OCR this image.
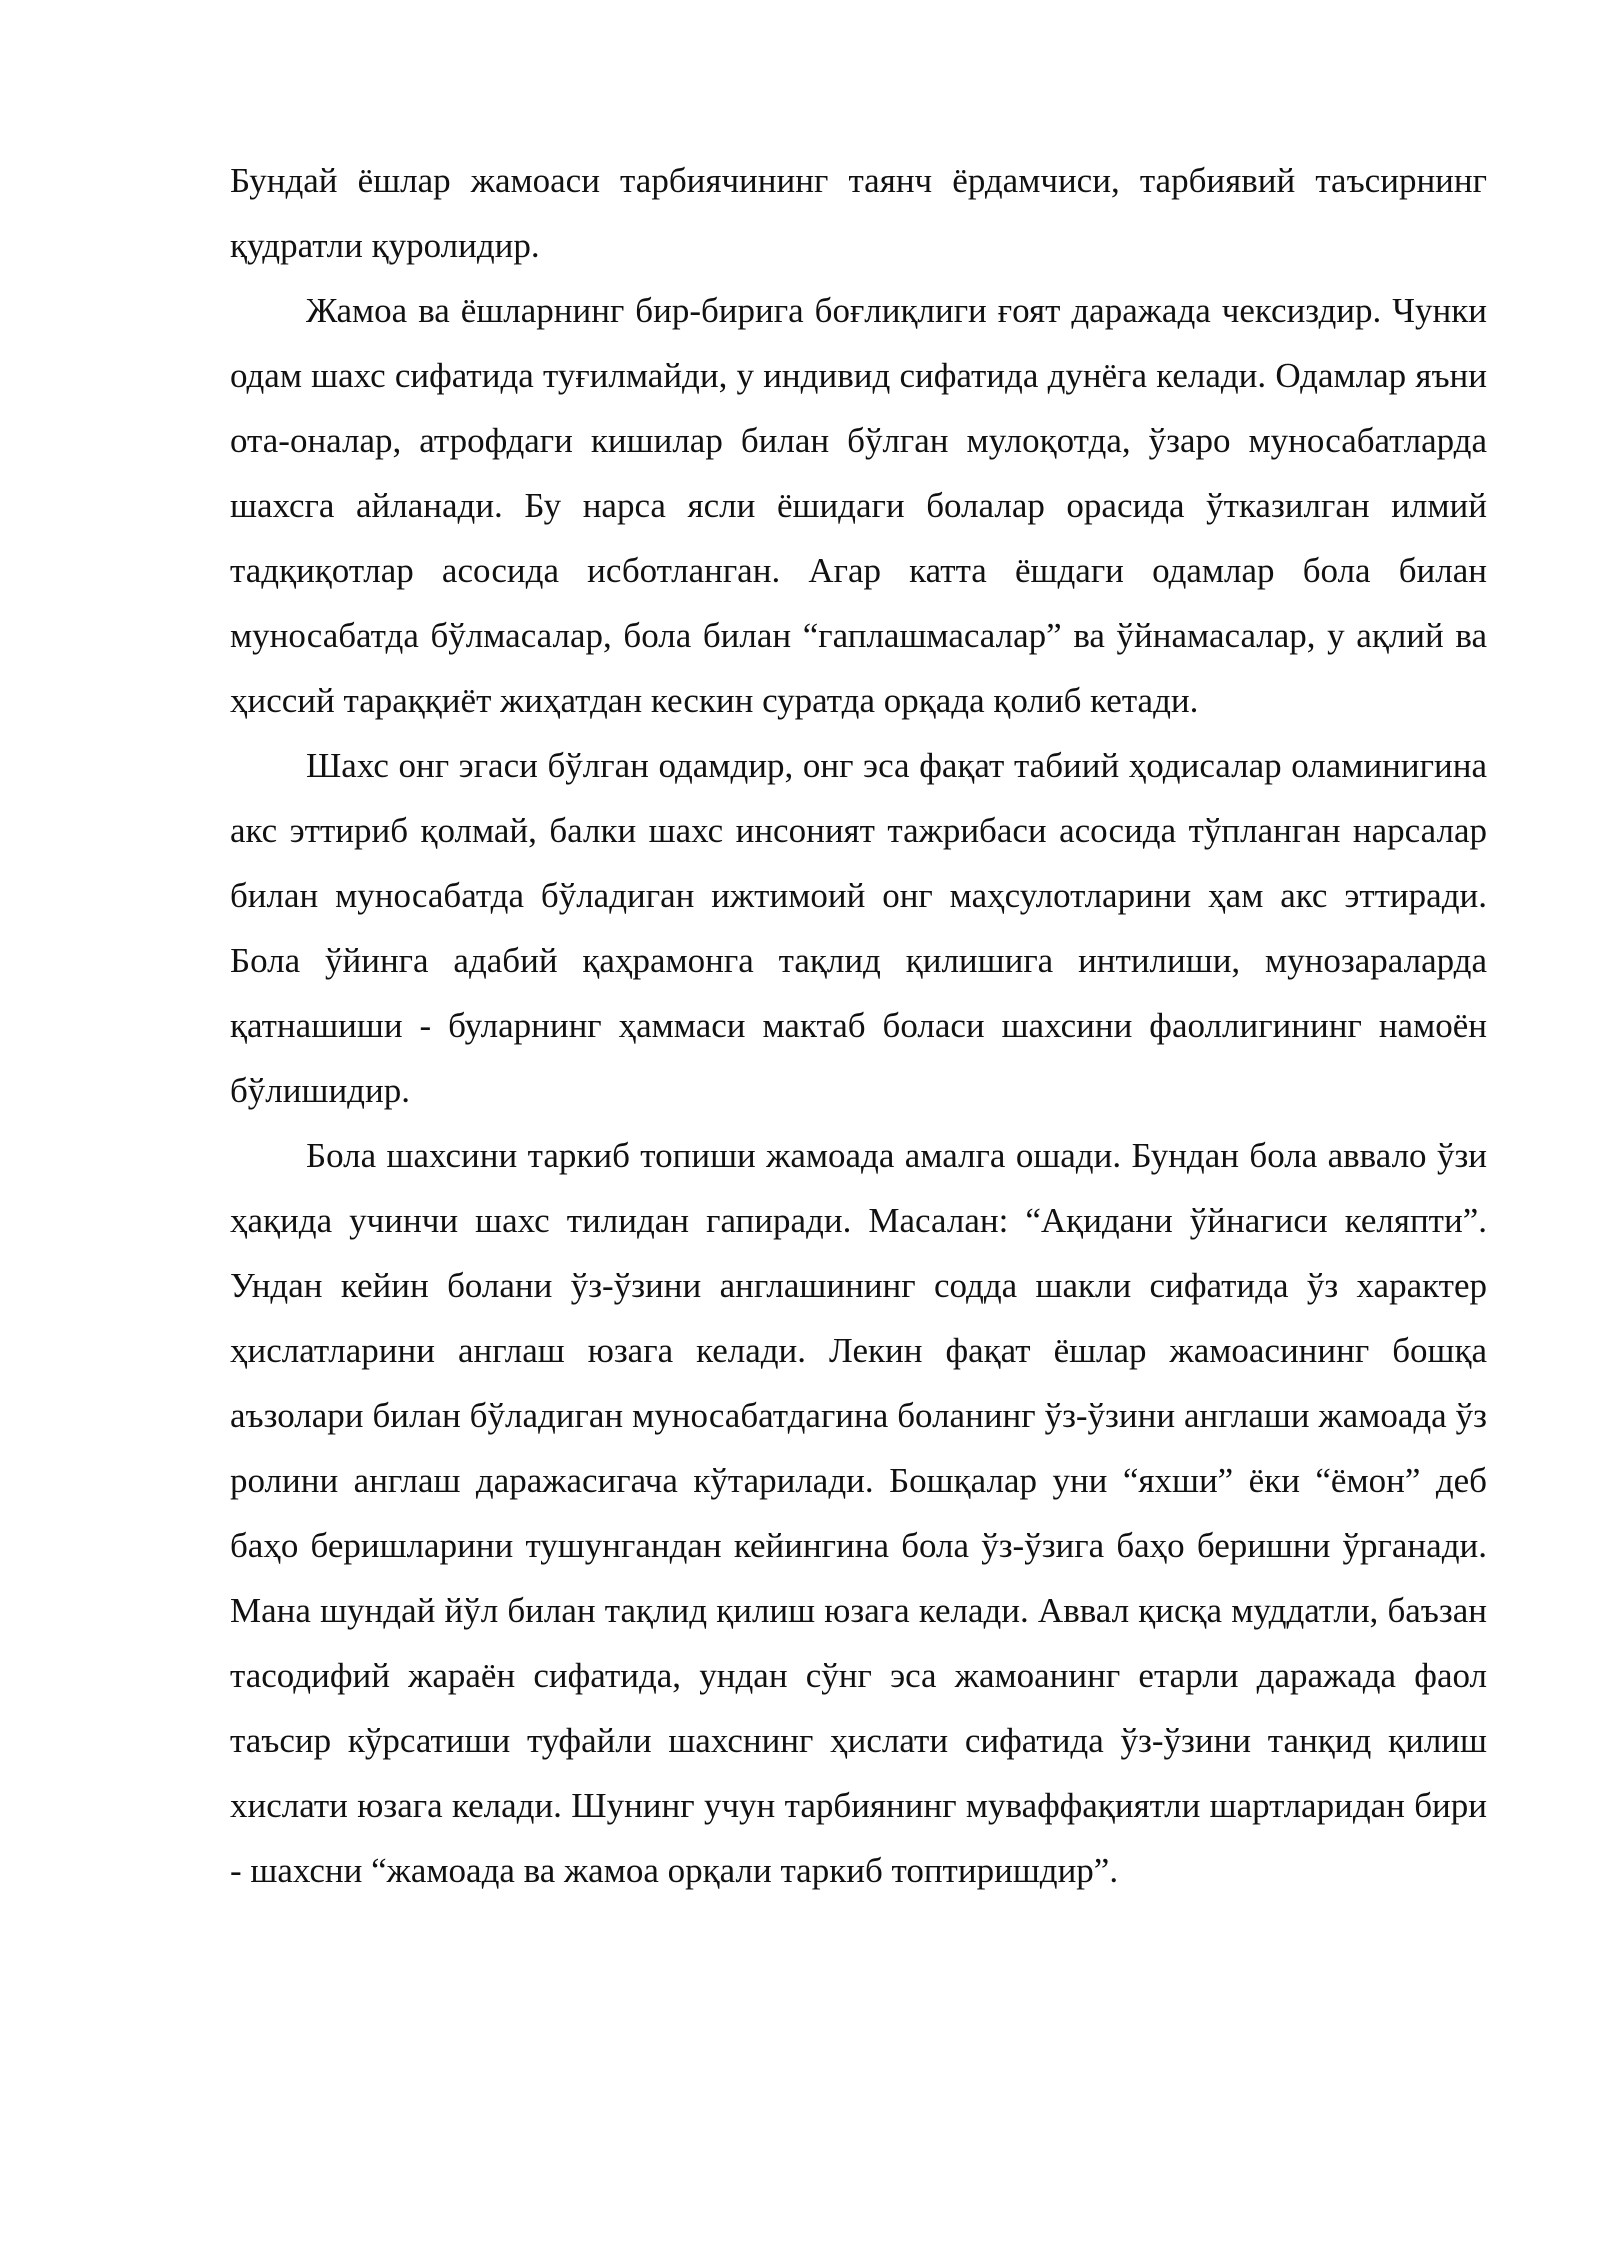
Бундай ёшлар жамоаси тарбиячининг таянч ёрдамчиси, тарбиявий таъсирнинг қудратли қуролидир.

Жамоа ва ёшларнинг бир-бирига боғлиқлиги ғоят даражада чексиздир. Чунки одам шахс сифатида туғилмайди, у индивид сифатида дунёга келади. Одамлар яъни ота-оналар, атрофдаги кишилар билан бўлган мулоқотда, ўзаро муносабатларда шахсга айланади. Бу нарса ясли ёшидаги болалар орасида ўтказилган илмий тадқиқотлар асосида исботланган. Агар катта ёшдаги одамлар бола билан муносабатда бўлмасалар, бола билан “гаплашмасалар” ва ўйнамасалар, у ақлий ва ҳиссий тараққиёт жиҳатдан кескин суратда орқада қолиб кетади.

Шахс онг эгаси бўлган одамдир, онг эса фақат табиий ҳодисалар оламинигина акс эттириб қолмай, балки шахс инсоният тажрибаси асосида тўпланган нарсалар билан муносабатда бўладиган ижтимоий онг маҳсулотларини ҳам акс эттиради. Бола ўйинга адабий қаҳрамонга тақлид қилишига интилиши, мунозараларда қатнашиши - буларнинг ҳаммаси мактаб боласи шахсини фаоллигининг намоён бўлишидир.

Бола шахсини таркиб топиши жамоада амалга ошади. Бундан бола аввало ўзи ҳақида учинчи шахс тилидан гапиради. Масалан: “Ақидани ўйнагиси келяпти”. Ундан кейин болани ўз-ўзини англашининг содда шакли сифатида ўз характер ҳислатларини англаш юзага келади. Лекин фақат ёшлар жамоасининг бошқа аъзолари билан бўладиган муносабатдагина боланинг ўз-ўзини англаши жамоада ўз ролини англаш даражасигача кўтарилади. Бошқалар уни “яхши” ёки “ёмон” деб баҳо беришларини тушунгандан кейингина бола ўз-ўзига баҳо беришни ўрганади. Мана шундай йўл билан тақлид қилиш юзага келади. Аввал қисқа муддатли, баъзан тасодифий жараён сифатида, ундан сўнг эса жамоанинг етарли даражада фаол таъсир кўрсатиши туфайли шахснинг ҳислати сифатида ўз-ўзини танқид қилиш хислати юзага келади. Шунинг учун тарбиянинг муваффақиятли шартларидан бири - шахсни “жамоада ва жамоа орқали таркиб топтиришдир”.
